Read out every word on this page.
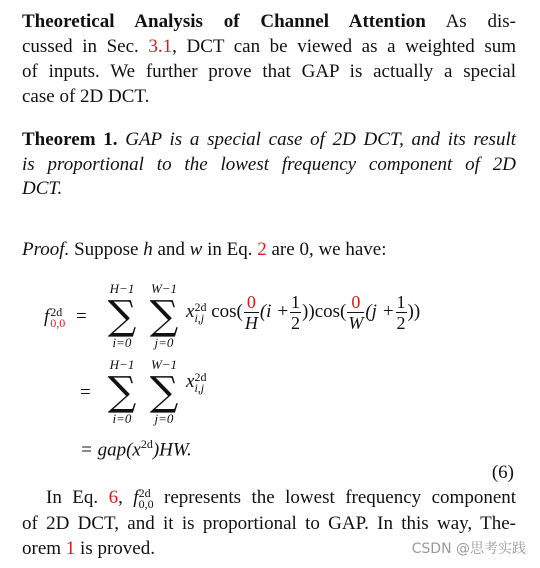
Theoretical Analysis of Channel Attention As dis-
cussed in Sec. 3.1, DCT can be viewed as a weighted sum
of inputs. We further prove that GAP is actually a special
case of 2D DCT.
Theorem 1. GAP is a special case of 2D DCT, and its result
is proportional to the lowest frequency component of 2D
DCT.
Proof. Suppose h and w in Eq. 2 are 0, we have:
f 2d
0,0 =
H−1
∑
i=0
W−1
∑
j=0
x 2d
i,j $\cos( \frac{0}{H} (i + \frac{1}{2} ))\cos( \frac{0}{W} (j + \frac{1}{2}$ ))
=
H−1
∑
i=0
W−1
∑
j=0
x 2d
i,j
= $gap(x^{2d})HW$.
(6)
In Eq. 6, f 2d
0,0 represents the lowest frequency component
of 2D DCT, and it is proportional to GAP. In this way, The-
orem 1 is proved.	CSDN @思考实践
